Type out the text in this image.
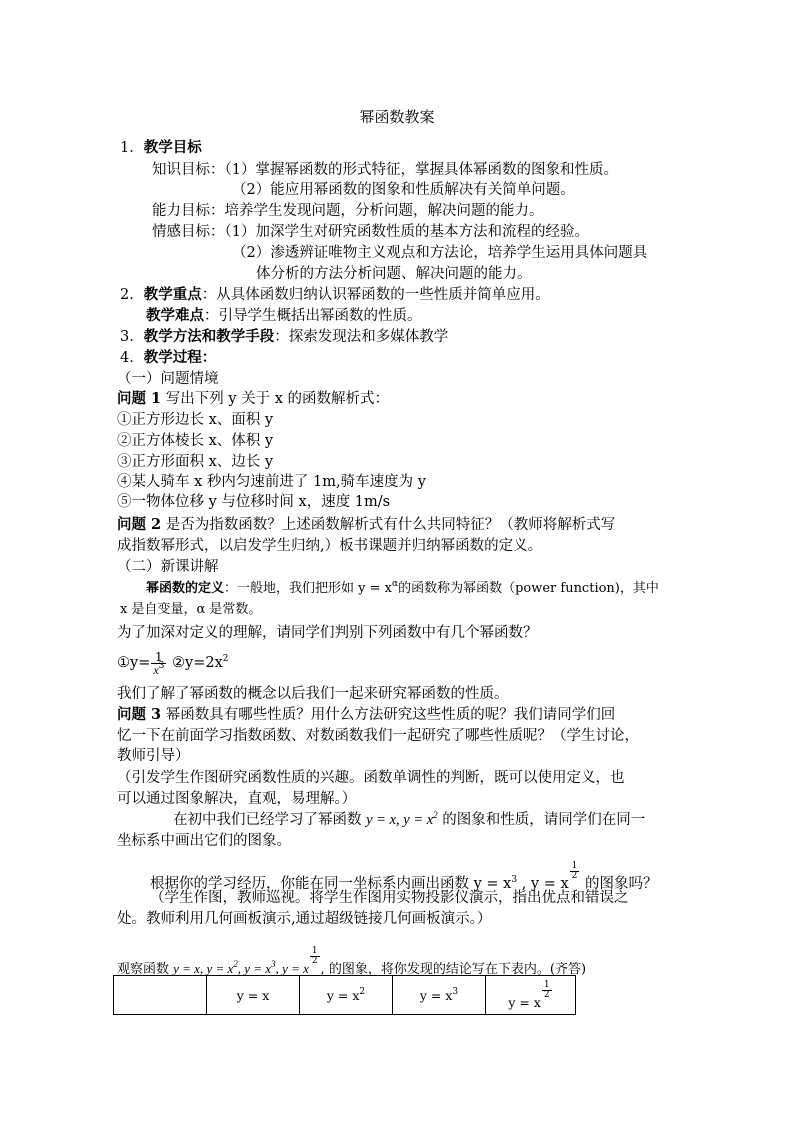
幂函数教案
1．教学目标
知识目标：（1）掌握幂函数的形式特征，掌握具体幂函数的图象和性质。
（2）能应用幂函数的图象和性质解决有关简单问题。
能力目标：培养学生发现问题，分析问题，解决问题的能力。
情感目标：（1）加深学生对研究函数性质的基本方法和流程的经验。
（2）渗透辨证唯物主义观点和方法论，培养学生运用具体问题具
体分析的方法分析问题、解决问题的能力。
2．教学重点：从具体函数归纳认识幂函数的一些性质并简单应用。
教学难点：引导学生概括出幂函数的性质。
3．教学方法和教学手段：探索发现法和多媒体教学
4．教学过程：
（一）问题情境
问题 1 写出下列 y 关于 x 的函数解析式：
①正方形边长 x、面积 y
②正方体棱长 x、体积 y
③正方形面积 x、边长 y
④某人骑车 x 秒内匀速前进了 1m,骑车速度为 y
⑤一物体位移 y 与位移时间 x，速度 1m/s
问题 2 是否为指数函数？上述函数解析式有什么共同特征？（教师将解析式写
成指数幂形式，以启发学生归纳,）板书课题并归纳幂函数的定义。
（二）新课讲解
幂函数的定义：一般地，我们把形如 $y = x^\alpha$的函数称为幂函数（power function)，其中
x 是自变量，α 是常数。
为了加深对定义的理解，请同学们判别下列函数中有几个幂函数？
①y= $\frac{1}{x^3}$ $②y=2x^2$
我们了解了幂函数的概念以后我们一起来研究幂函数的性质。
问题 3 幂函数具有哪些性质？用什么方法研究这些性质的呢？我们请同学们回
忆一下在前面学习指数函数、对数函数我们一起研究了哪些性质呢？（学生讨论，
教师引导）
（引发学生作图研究函数性质的兴趣。函数单调性的判断，既可以使用定义，也
可以通过图象解决，直观，易理解。）
在初中我们已经学习了幂函数 y = x, $y = x^2$ 的图象和性质，请同学们在同一
坐标系中画出它们的图象。
根据你的学习经历，你能在同一坐标系内画出函数 $y = x^3$ , y = x
$\frac{1}{2}$
的图象吗？
（学生作图，教师巡视。将学生作图用实物投影仪演示，指出优点和错误之
处。教师利用几何画板演示,通过超级链接几何画板演示。）
观察函数 y = x, $y = x^2$, $y = x^3$, y = x
$\frac{1}{2}$
, 的图象，将你发现的结论写在下表内。(齐答)
	y = x	$y = x^2$	$y = x^3$	y = x
$\frac{1}{2}$
